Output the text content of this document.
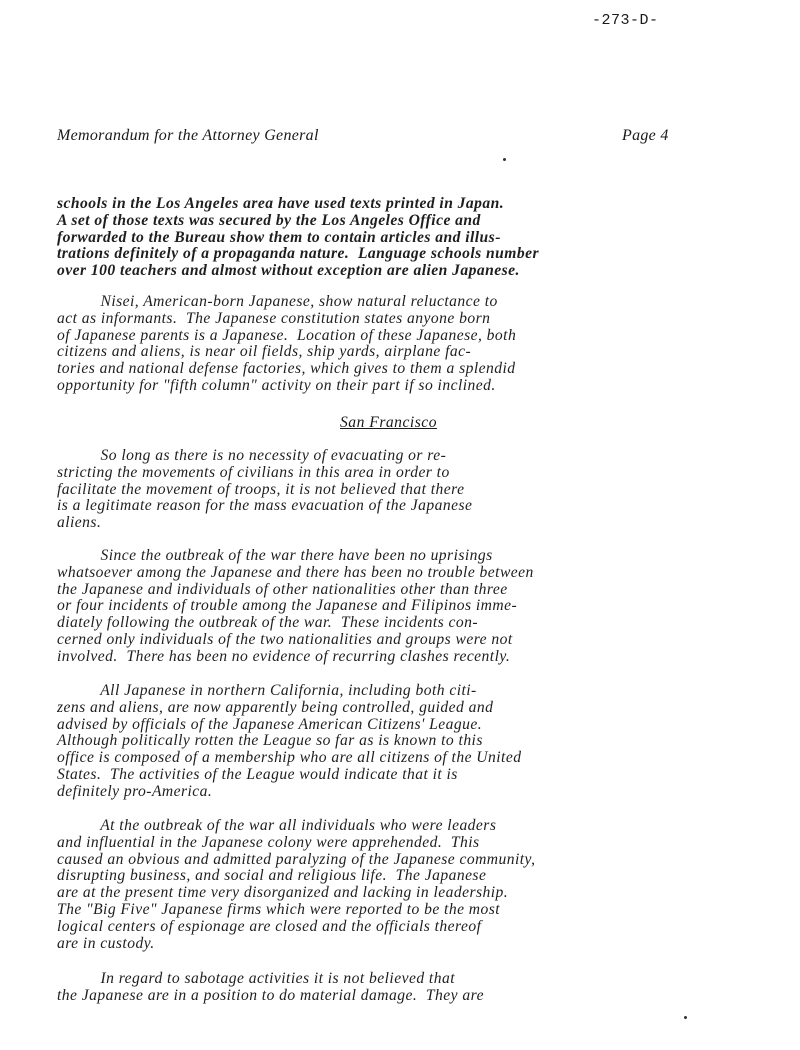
-273-D-
Memorandum for the Attorney General	Page 4
schools in the Los Angeles area have used texts printed in Japan.
A set of those texts was secured by the Los Angeles Office and
forwarded to the Bureau show them to contain articles and illus-
trations definitely of a propaganda nature.  Language schools number
over 100 teachers and almost without exception are alien Japanese.
Nisei, American-born Japanese, show natural reluctance to
act as informants.  The Japanese constitution states anyone born
of Japanese parents is a Japanese.  Location of these Japanese, both
citizens and aliens, is near oil fields, ship yards, airplane fac-
tories and national defense factories, which gives to them a splendid
opportunity for "fifth column" activity on their part if so inclined.
San Francisco
So long as there is no necessity of evacuating or re-
stricting the movements of civilians in this area in order to
facilitate the movement of troops, it is not believed that there
is a legitimate reason for the mass evacuation of the Japanese
aliens.
Since the outbreak of the war there have been no uprisings
whatsoever among the Japanese and there has been no trouble between
the Japanese and individuals of other nationalities other than three
or four incidents of trouble among the Japanese and Filipinos imme-
diately following the outbreak of the war.  These incidents con-
cerned only individuals of the two nationalities and groups were not
involved.  There has been no evidence of recurring clashes recently.
All Japanese in northern California, including both citi-
zens and aliens, are now apparently being controlled, guided and
advised by officials of the Japanese American Citizens' League.
Although politically rotten the League so far as is known to this
office is composed of a membership who are all citizens of the United
States.  The activities of the League would indicate that it is
definitely pro-America.
At the outbreak of the war all individuals who were leaders
and influential in the Japanese colony were apprehended.  This
caused an obvious and admitted paralyzing of the Japanese community,
disrupting business, and social and religious life.  The Japanese
are at the present time very disorganized and lacking in leadership.
The "Big Five" Japanese firms which were reported to be the most
logical centers of espionage are closed and the officials thereof
are in custody.
In regard to sabotage activities it is not believed that
the Japanese are in a position to do material damage.  They are
